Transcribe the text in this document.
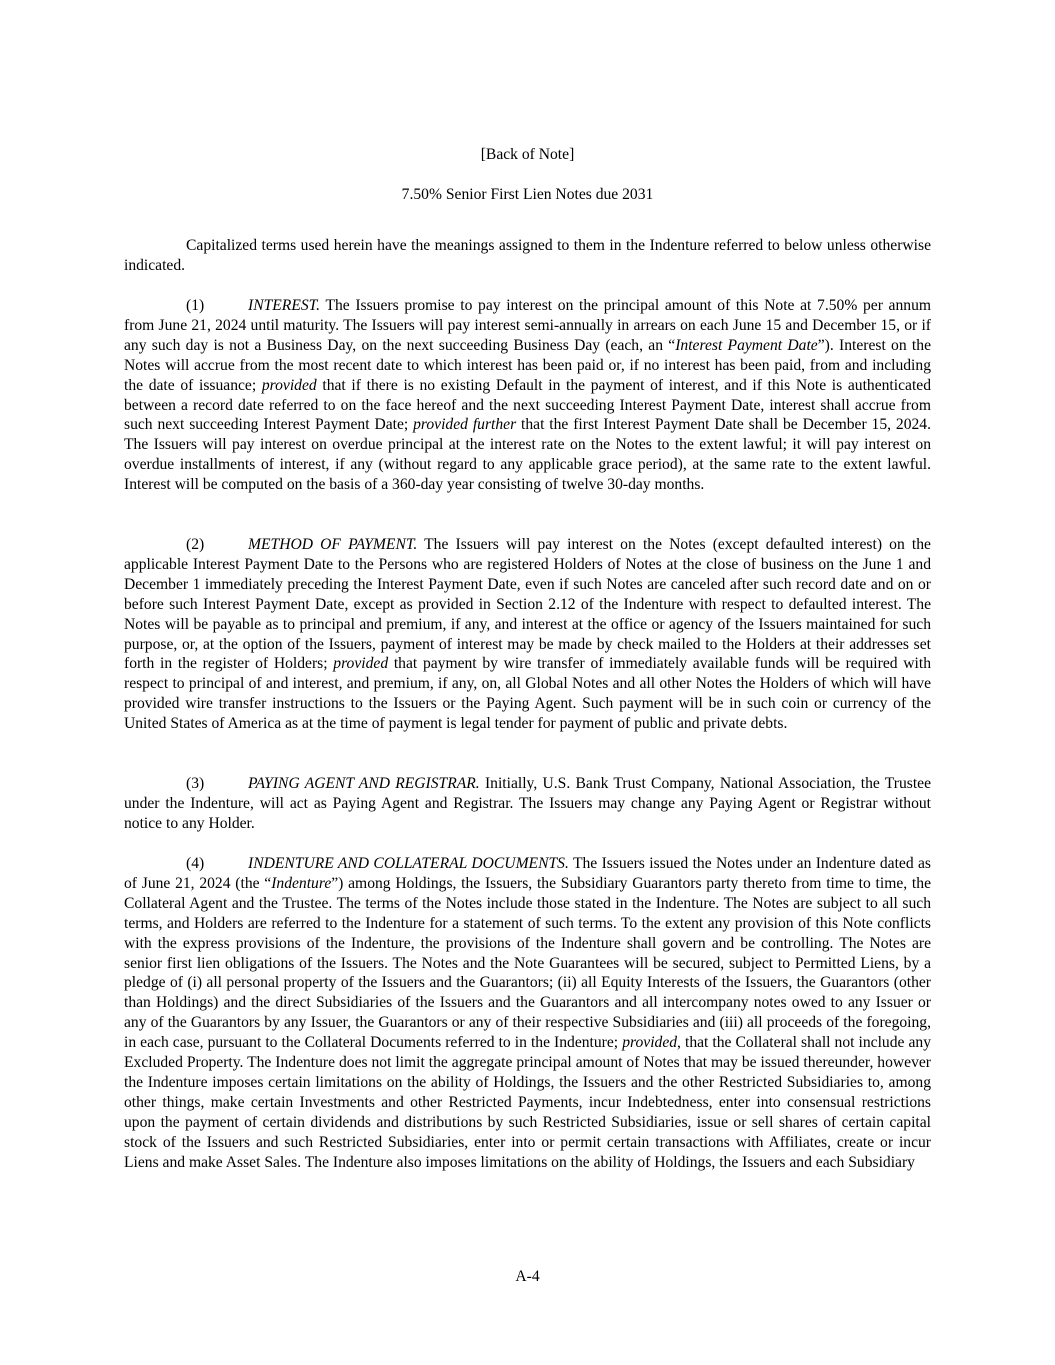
[Back of Note]
7.50% Senior First Lien Notes due 2031

Capitalized terms used herein have the meanings assigned to them in the Indenture referred to below unless otherwise indicated.

(1)	INTEREST. The Issuers promise to pay interest on the principal amount of this Note at 7.50% per annum from June 21, 2024 until maturity. The Issuers will pay interest semi-annually in arrears on each June 15 and December 15, or if any such day is not a Business Day, on the next succeeding Business Day (each, an “Interest Payment Date”). Interest on the Notes will accrue from the most recent date to which interest has been paid or, if no interest has been paid, from and including the date of issuance; provided that if there is no existing Default in the payment of interest, and if this Note is authenticated between a record date referred to on the face hereof and the next succeeding Interest Payment Date, interest shall accrue from such next succeeding Interest Payment Date; provided further that the first Interest Payment Date shall be December 15, 2024. The Issuers will pay interest on overdue principal at the interest rate on the Notes to the extent lawful; it will pay interest on overdue installments of interest, if any (without regard to any applicable grace period), at the same rate to the extent lawful. Interest will be computed on the basis of a 360-day year consisting of twelve 30-day months.

(2)	METHOD OF PAYMENT. The Issuers will pay interest on the Notes (except defaulted interest) on the applicable Interest Payment Date to the Persons who are registered Holders of Notes at the close of business on the June 1 and December 1 immediately preceding the Interest Payment Date, even if such Notes are canceled after such record date and on or before such Interest Payment Date, except as provided in Section 2.12 of the Indenture with respect to defaulted interest. The Notes will be payable as to principal and premium, if any, and interest at the office or agency of the Issuers maintained for such purpose, or, at the option of the Issuers, payment of interest may be made by check mailed to the Holders at their addresses set forth in the register of Holders; provided that payment by wire transfer of immediately available funds will be required with respect to principal of and interest, and premium, if any, on, all Global Notes and all other Notes the Holders of which will have provided wire transfer instructions to the Issuers or the Paying Agent. Such payment will be in such coin or currency of the United States of America as at the time of payment is legal tender for payment of public and private debts.

(3)	PAYING AGENT AND REGISTRAR. Initially, U.S. Bank Trust Company, National Association, the Trustee under the Indenture, will act as Paying Agent and Registrar. The Issuers may change any Paying Agent or Registrar without notice to any Holder.

(4)	INDENTURE AND COLLATERAL DOCUMENTS. The Issuers issued the Notes under an Indenture dated as of June 21, 2024 (the “Indenture”) among Holdings, the Issuers, the Subsidiary Guarantors party thereto from time to time, the Collateral Agent and the Trustee. The terms of the Notes include those stated in the Indenture. The Notes are subject to all such terms, and Holders are referred to the Indenture for a statement of such terms. To the extent any provision of this Note conflicts with the express provisions of the Indenture, the provisions of the Indenture shall govern and be controlling. The Notes are senior first lien obligations of the Issuers. The Notes and the Note Guarantees will be secured, subject to Permitted Liens, by a pledge of (i) all personal property of the Issuers and the Guarantors; (ii) all Equity Interests of the Issuers, the Guarantors (other than Holdings) and the direct Subsidiaries of the Issuers and the Guarantors and all intercompany notes owed to any Issuer or any of the Guarantors by any Issuer, the Guarantors or any of their respective Subsidiaries and (iii) all proceeds of the foregoing, in each case, pursuant to the Collateral Documents referred to in the Indenture; provided, that the Collateral shall not include any Excluded Property. The Indenture does not limit the aggregate principal amount of Notes that may be issued thereunder, however the Indenture imposes certain limitations on the ability of Holdings, the Issuers and the other Restricted Subsidiaries to, among other things, make certain Investments and other Restricted Payments, incur Indebtedness, enter into consensual restrictions upon the payment of certain dividends and distributions by such Restricted Subsidiaries, issue or sell shares of certain capital stock of the Issuers and such Restricted Subsidiaries, enter into or permit certain transactions with Affiliates, create or incur Liens and make Asset Sales. The Indenture also imposes limitations on the ability of Holdings, the Issuers and each Subsidiary

A-4
